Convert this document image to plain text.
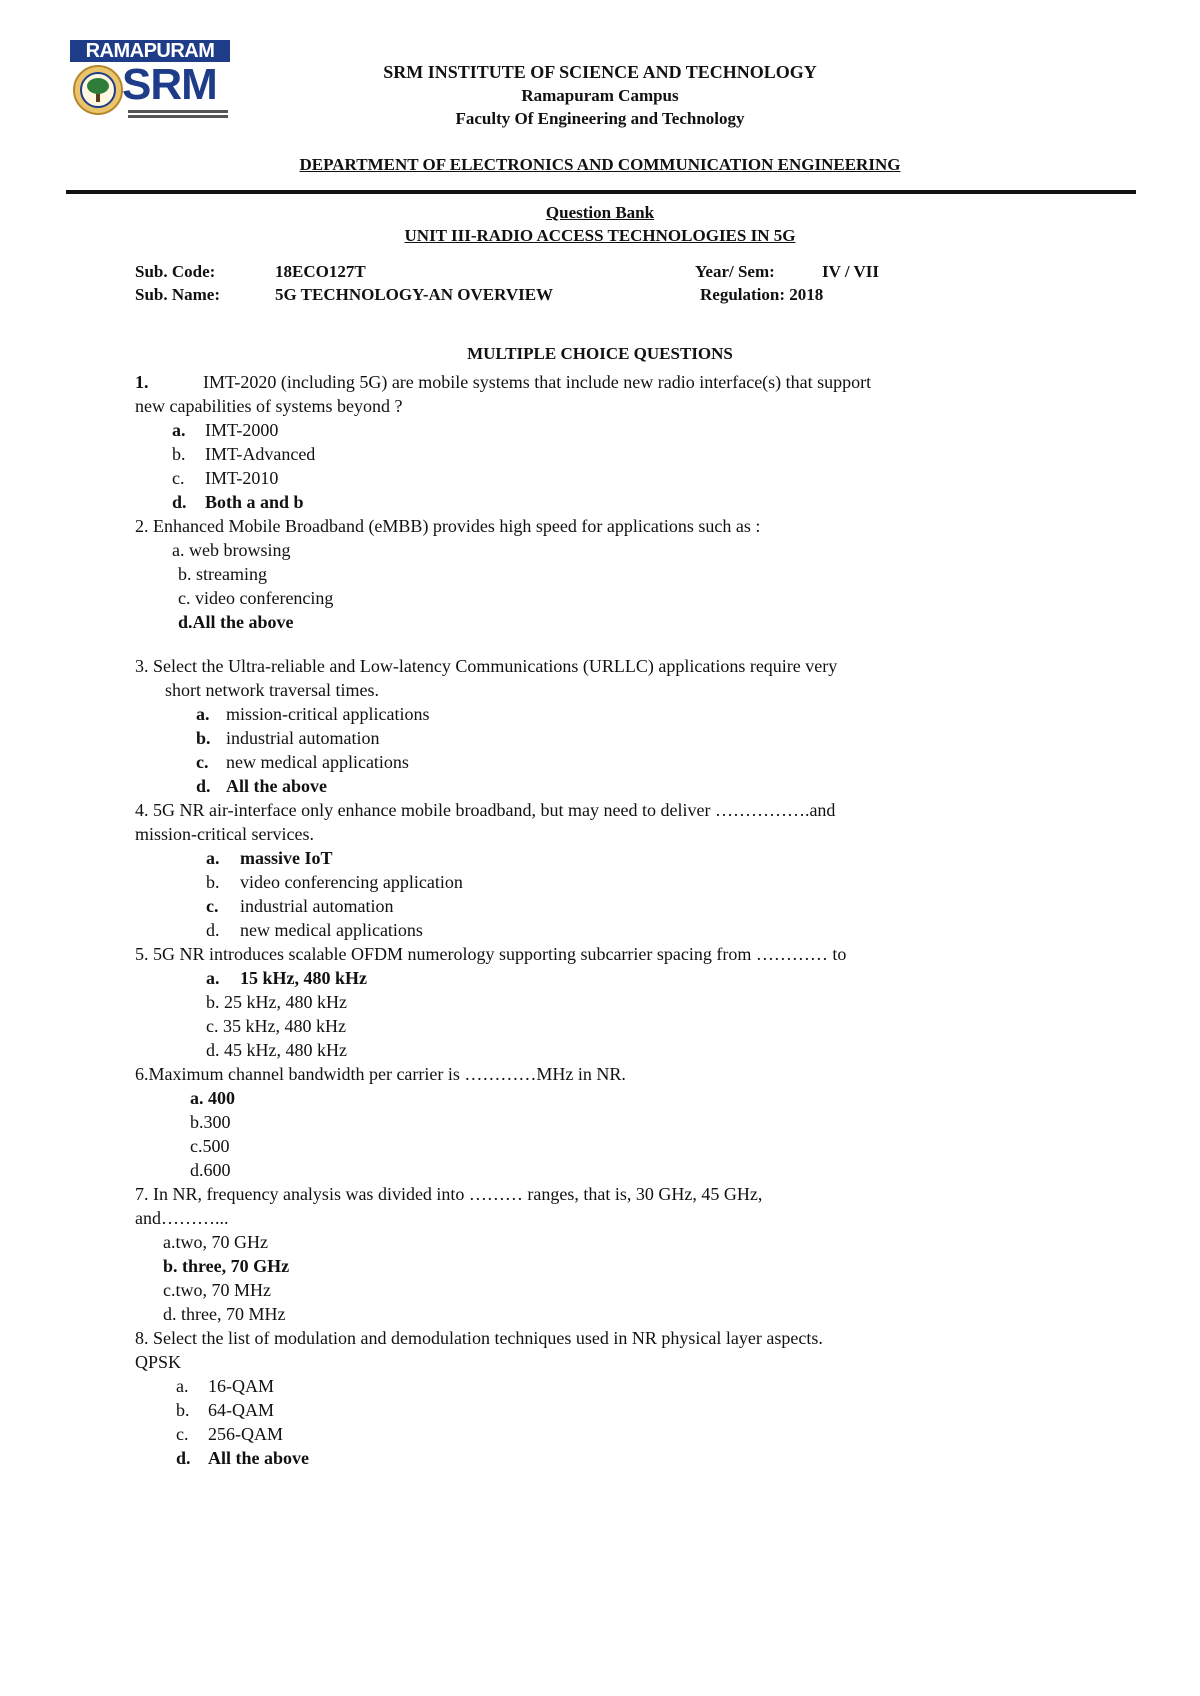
RAMAPURAM
SRM	SRM INSTITUTE OF SCIENCE AND TECHNOLOGY
Ramapuram Campus
Faculty Of Engineering and Technology
DEPARTMENT OF ELECTRONICS AND COMMUNICATION ENGINEERING
Question Bank
UNIT III-RADIO ACCESS TECHNOLOGIES IN 5G
Sub. Code:	18ECO127T	Year/ Sem:	IV / VII
Sub. Name:	5G TECHNOLOGY-AN OVERVIEW	Regulation: 2018
MULTIPLE CHOICE QUESTIONS
1.	IMT-2020 (including 5G) are mobile systems that include new radio interface(s) that support
new capabilities of systems beyond ?
a. IMT-2000
b. IMT-Advanced
c. IMT-2010
d. Both a and b
2. Enhanced Mobile Broadband (eMBB) provides high speed for applications such as :
a. web browsing
b. streaming
c. video conferencing
d.All the above
3. Select the Ultra-reliable and Low-latency Communications (URLLC) applications require very
short network traversal times.
a. mission-critical applications
b. industrial automation
c. new medical applications
d. All the above
4. 5G NR air-interface only enhance mobile broadband, but may need to deliver …………….and
mission-critical services.
a. massive IoT
b. video conferencing application
c. industrial automation
d. new medical applications
5. 5G NR introduces scalable OFDM numerology supporting subcarrier spacing from ………… to
a. 15 kHz, 480 kHz
b. 25 kHz, 480 kHz
c. 35 kHz, 480 kHz
d. 45 kHz, 480 kHz
6.Maximum channel bandwidth per carrier is …………MHz in NR.
a. 400
b.300
c.500
d.600
7. In NR, frequency analysis was divided into ……… ranges, that is, 30 GHz, 45 GHz,
and………...
a.two, 70 GHz
b. three, 70 GHz
c.two, 70 MHz
d. three, 70 MHz
8. Select the list of modulation and demodulation techniques used in NR physical layer aspects.
QPSK
a. 16-QAM
b. 64-QAM
c. 256-QAM
d. All the above
